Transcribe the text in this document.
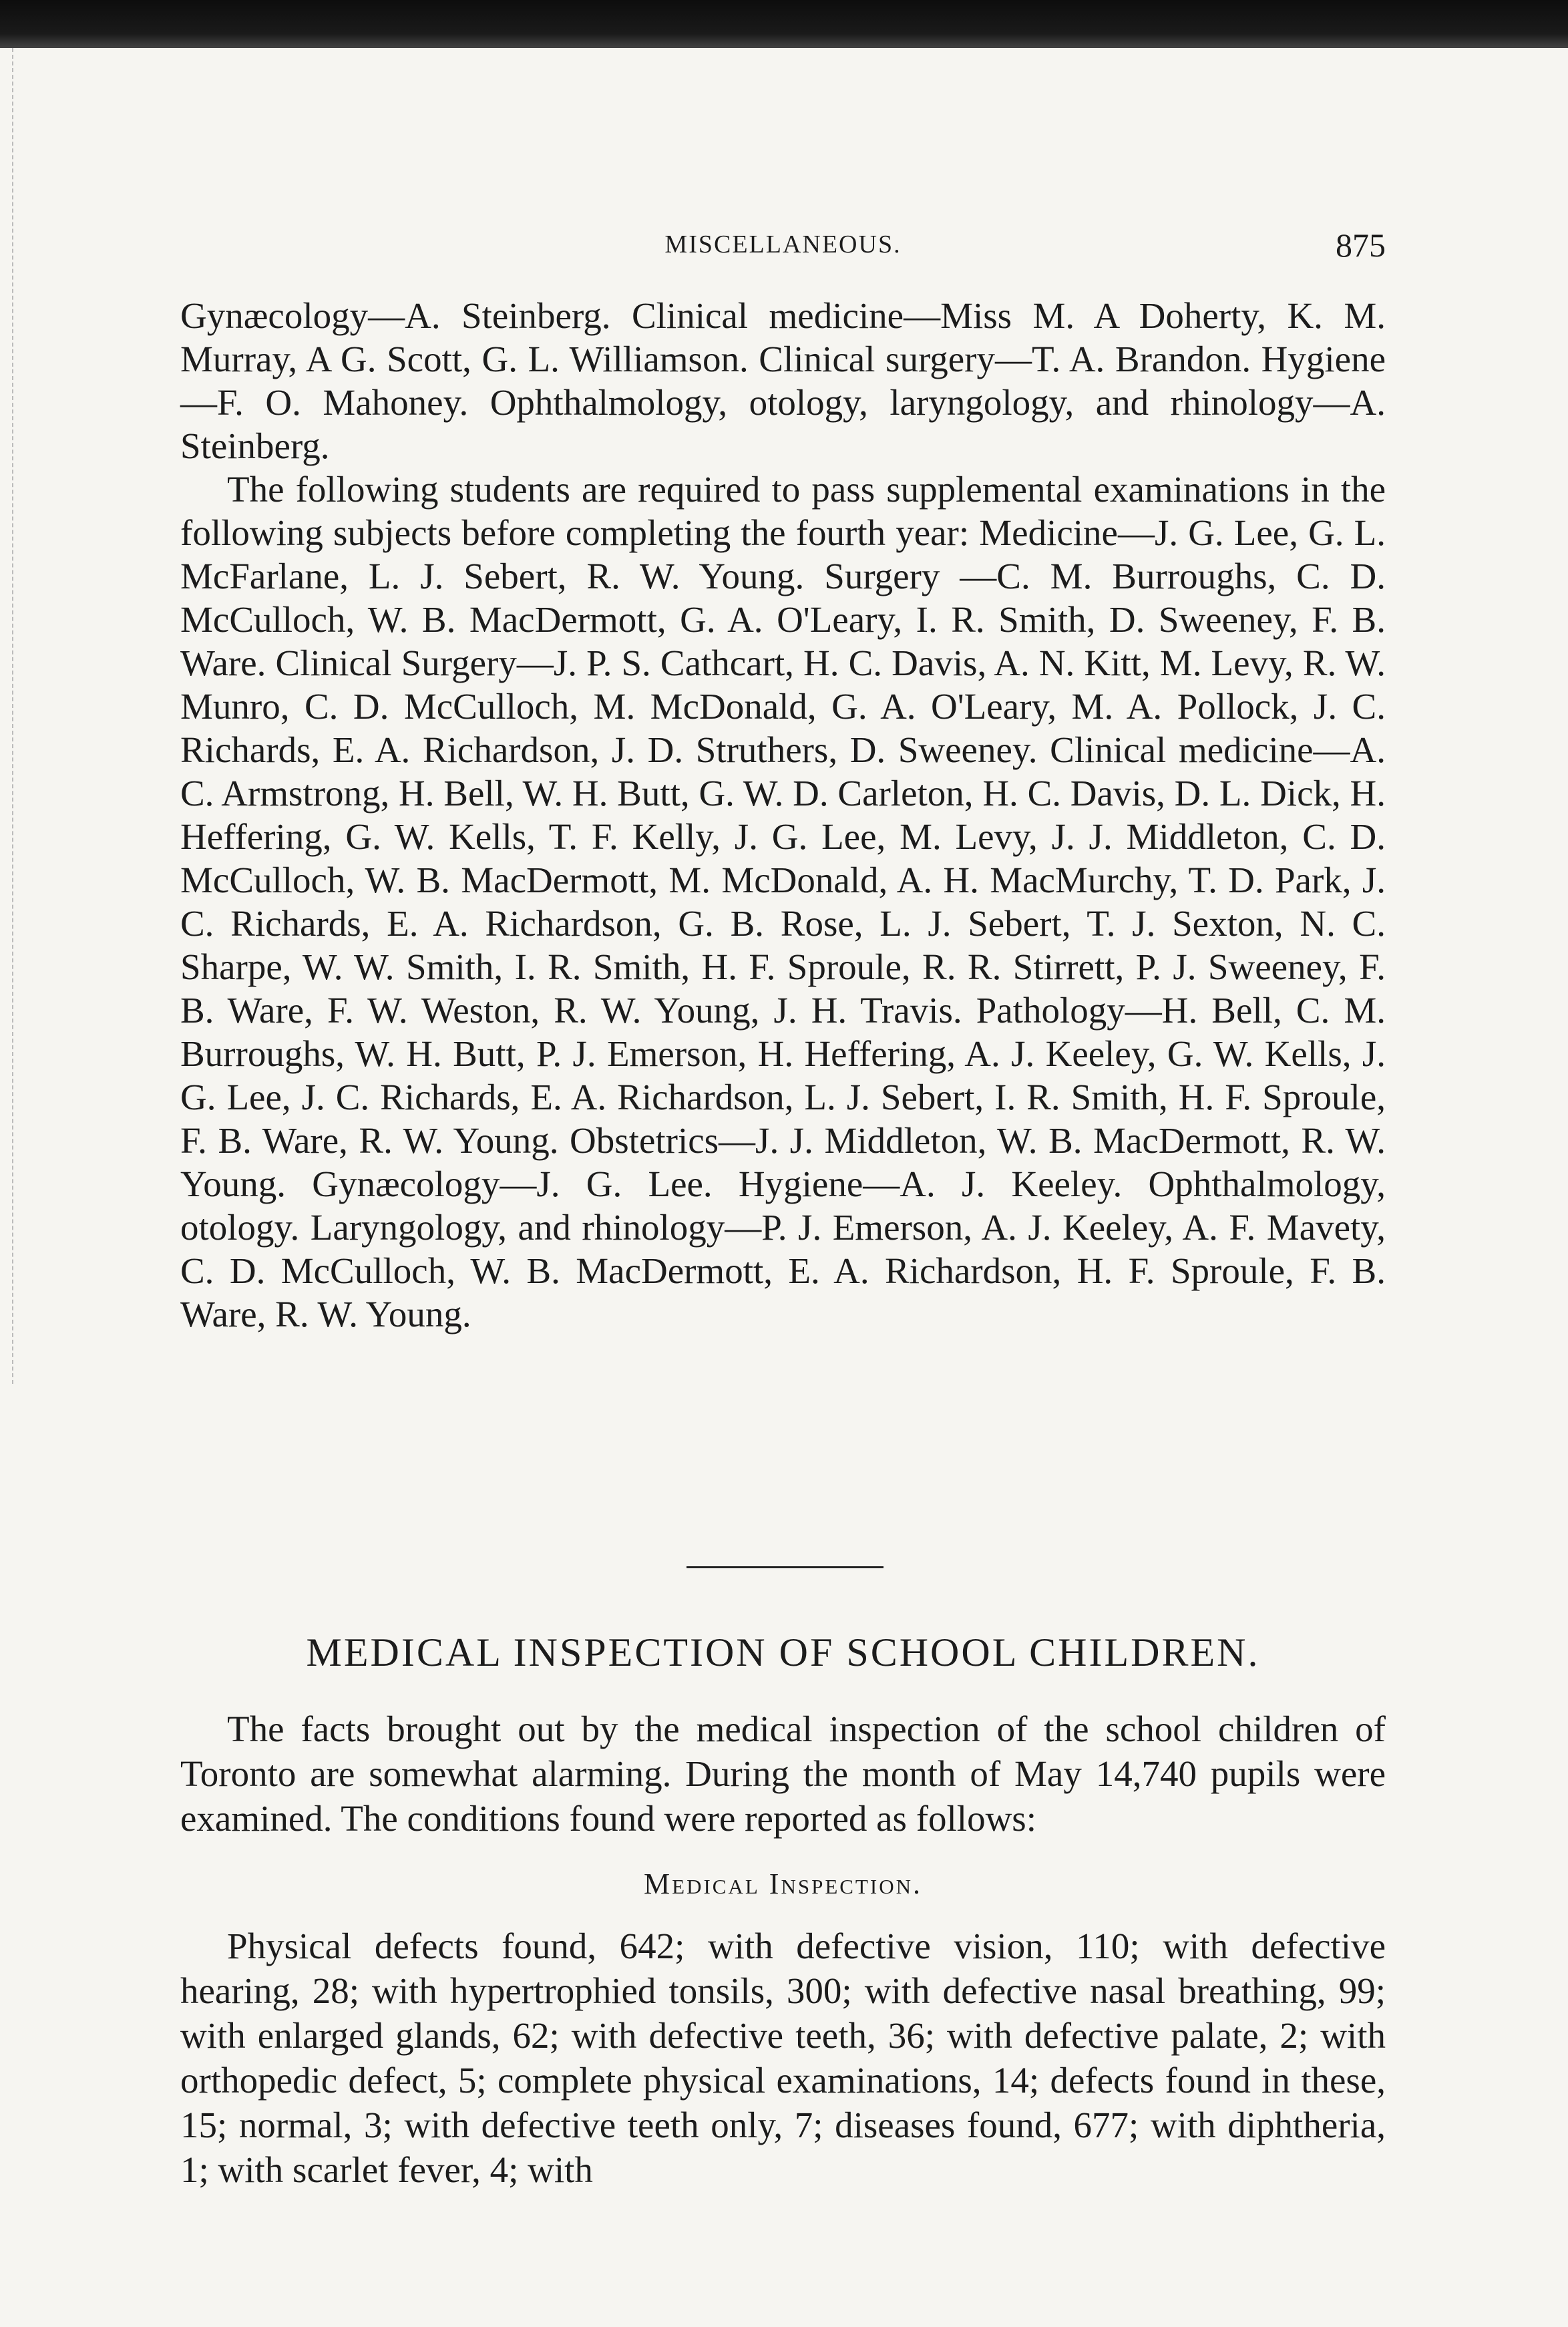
MISCELLANEOUS.	875

Gynæcology—A. Steinberg. Clinical medicine—Miss M. A Doherty, K. M. Murray, A G. Scott, G. L. Williamson. Clinical surgery—T. A. Brandon. Hygiene—F. O. Mahoney. Ophthalmology, otology, laryngology, and rhinology—A. Steinberg.

The following students are required to pass supplemental examinations in the following subjects before completing the fourth year: Medicine—J. G. Lee, G. L. McFarlane, L. J. Sebert, R. W. Young. Surgery —C. M. Burroughs, C. D. McCulloch, W. B. MacDermott, G. A. O'Leary, I. R. Smith, D. Sweeney, F. B. Ware. Clinical Surgery—J. P. S. Cathcart, H. C. Davis, A. N. Kitt, M. Levy, R. W. Munro, C. D. McCulloch, M. McDonald, G. A. O'Leary, M. A. Pollock, J. C. Richards, E. A. Richardson, J. D. Struthers, D. Sweeney. Clinical medicine—A. C. Armstrong, H. Bell, W. H. Butt, G. W. D. Carleton, H. C. Davis, D. L. Dick, H. Heffering, G. W. Kells, T. F. Kelly, J. G. Lee, M. Levy, J. J. Middleton, C. D. McCulloch, W. B. MacDermott, M. McDonald, A. H. MacMurchy, T. D. Park, J. C. Richards, E. A. Richardson, G. B. Rose, L. J. Sebert, T. J. Sexton, N. C. Sharpe, W. W. Smith, I. R. Smith, H. F. Sproule, R. R. Stirrett, P. J. Sweeney, F. B. Ware, F. W. Weston, R. W. Young, J. H. Travis. Pathology—H. Bell, C. M. Burroughs, W. H. Butt, P. J. Emerson, H. Heffering, A. J. Keeley, G. W. Kells, J. G. Lee, J. C. Richards, E. A. Richardson, L. J. Sebert, I. R. Smith, H. F. Sproule, F. B. Ware, R. W. Young. Obstetrics—J. J. Middleton, W. B. MacDermott, R. W. Young. Gynæcology—J. G. Lee. Hygiene—A. J. Keeley. Ophthalmology, otology. Laryngology, and rhinology—P. J. Emerson, A. J. Keeley, A. F. Mavety, C. D. McCulloch, W. B. MacDermott, E. A. Richardson, H. F. Sproule, F. B. Ware, R. W. Young.

MEDICAL INSPECTION OF SCHOOL CHILDREN.

The facts brought out by the medical inspection of the school children of Toronto are somewhat alarming. During the month of May 14,740 pupils were examined. The conditions found were reported as follows:

Medical Inspection.

Physical defects found, 642; with defective vision, 110; with defective hearing, 28; with hypertrophied tonsils, 300; with defective nasal breathing, 99; with enlarged glands, 62; with defective teeth, 36; with defective palate, 2; with orthopedic defect, 5; complete physical examinations, 14; defects found in these, 15; normal, 3; with defective teeth only, 7; diseases found, 677; with diphtheria, 1; with scarlet fever, 4; with
